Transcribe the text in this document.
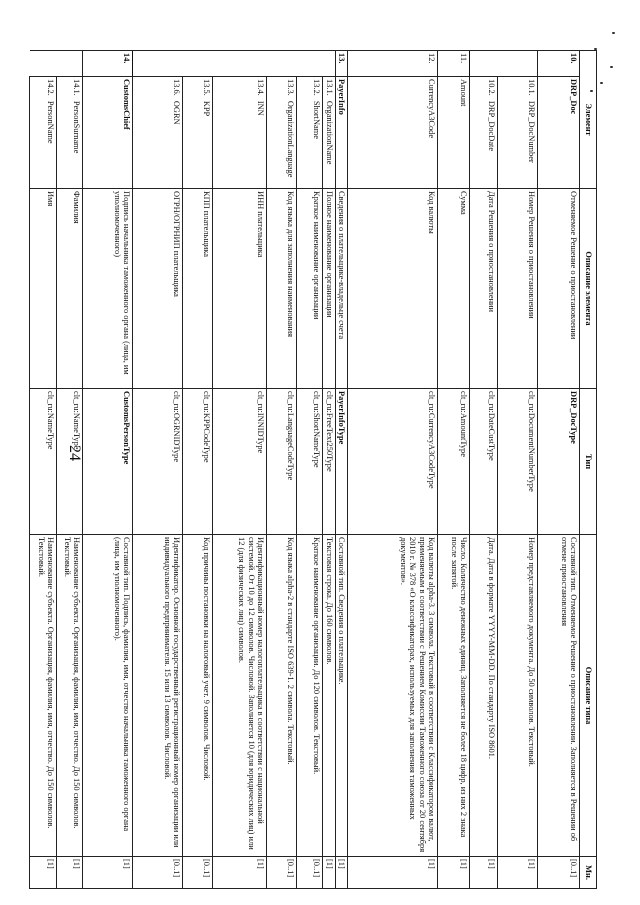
24
Элемент		Описание элемента	Тип	Описание типа	Мн.
10.	DRP_Doc	Отменяемое Решение о приостановлении	DRP_DocType	Составной тип. Отменяемое Решение о приостановлении. Заполняется в Решении об отмене приостановления	[0..1]
	10.1. DRP_DocNumber	Номер Решения о приостановлении	clt_ru:DocumentNumberType	Номер представляемого документа. До 50 символов. Текстовый.	[1]
	10.2. DRP_DocDate	Дата Решения о приостановлении	clt_ru:DateCustType	Дата. Дата в формате YYYY-MM-DD. По стандарту ISO 8601.	[1]
11.	Amount	Сумма	clt_ru:AmountType	Число. Количество денежных единиц. Заполняется не более 18 цифр, из них 2 знака после запятой.	[1]
12.	CurrencyA3Code	Код валюты	clt_ru:CurrencyA3CodeType	Код валюты alpha-3. 3 символа. Текстовый в соответствии с Классификатором валют, применяемым в соответствии с Решением Комиссии Таможенного союза от 20 сентября 2010 г. № 378 «О классификаторах, используемых для заполнения таможенных документов».	[1]
13.	PayerInfo	Сведения о плательщике-владельце счета	PayerInfoType	Составной тип. Сведения о плательщике.	[1]
	13.1. OrganizationName	Полное наименование организации	clt_ru:FreeText250Type	Текстовая строка. До 160 символов.	[1]
	13.2. ShortName	Краткое наименование организации	clt_ru:ShortNameType	Краткое наименование организации. До 120 символов. Текстовый.	[0..1]
	13.3. OrganizationLanguage	Код языка для заполнения наименования	clt_ru:LanguageCodeType	Код языка alpha-2 в стандарте ISO 639-1. 2 символа. Текстовый.	[0..1]
	13.4. INN	ИНН плательщика	clt_ru:INNIDType	Идентификационный номер налогоплательщика в соответствии с национальной системой. От 10 до 12 символов. Числовой. Заполняется 10 (для юридических лиц) или 12 (для физических лиц) символов.	[1]
	13.5. KPP	КПП плательщика	clt_ru:KPPCodeType	Код причины постановки на налоговый учет. 9 символов. Числовой.	[0..1]
	13.6. OGRN	ОГРН/ОГРНИП плательщика	clt_ru:OGRNIDType	Идентификатор. Основной государственный регистрационный номер организации или индивидуального предпринимателя. 15 или 13 символов. Числовой.	[0..1]
14.	CustomsChief	Подпись начальника таможенного органа (лица, им уполномоченного)	CustomsPersonType	Составной тип. Подпись, фамилия, имя, отчество начальника таможенного органа (лица, им уполномоченного).	[1]
	14.1. PersonSurname	Фамилия	clt_ru:NameType	Наименование субъекта. Организация, фамилия, имя, отчество. До 150 символов. Текстовый.	[1]
	14.2. PersonName	Имя	clt_ru:NameType	Наименование субъекта. Организация, фамилия, имя, отчество. До 150 символов. Текстовый.	[1]
